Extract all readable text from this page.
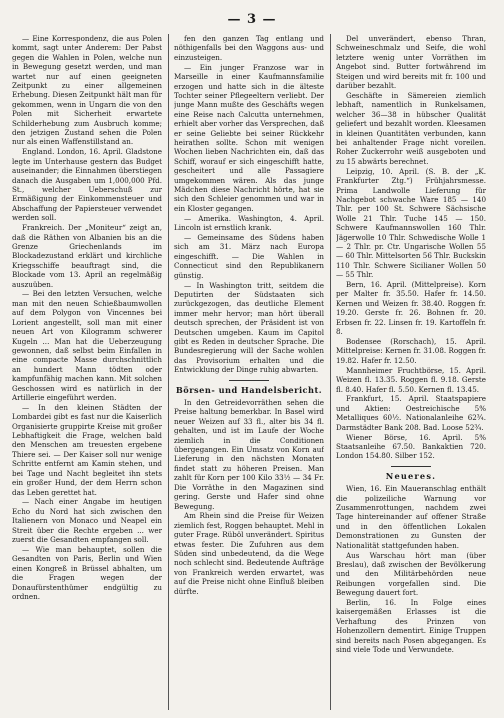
— 3 —

— Eine Korrespondenz, die aus Polen kommt, sagt unter Anderem: Der Pabst gegen die Wahlen in Polen, welche nun in Bewegung gesetzt werden, und man wartet nur auf einen geeigneten Zeitpunkt zu einer allgemeinen Erhebung. Diesen Zeitpunkt hält man für gekommen, wenn in Ungarn die von den Polen mit Sicherheit erwartete Schilderhebung zum Ausbruch komme; den jetzigen Zustand sehen die Polen nur als einen Waffenstillstand an.

England. London, 16. April. Gladstone legte im Unterhause gestern das Budget auseinander; die Einnahmen überstiegen danach die Ausgaben um 1,000,000 Pfd. St., welcher Ueberschuß zur Ermäßigung der Einkommensteuer und Abschaffung der Papiersteuer verwendet werden soll.

Frankreich. Der „Moniteur“ zeigt an, daß die Räthen von Albanien bis an die Grenze Griechenlands im Blockadezustand erklärt und kirchliche Kriegsschiffe beauftragt sind, die Blockade vom 13. April an regelmäßig auszuüben.

— Bei den letzten Versuchen, welche man mit den neuen Schießbaumwollen auf dem Polygon von Vincennes bei Lorient angestellt, soll man mit einer neuen Art von Kilogramm schwerer Kugeln ... Man hat die Ueberzeugung gewonnen, daß selbst beim Einfallen in eine compacte Masse durchschnittlich an hundert Mann tödten oder kampfunfähig machen kann. Mit solchen Geschossen wird es natürlich in der Artillerie eingeführt werden.

— In den kleinen Städten der Lombardei gibt es fast nur die Kaiserlich Organisierte gruppirte Kreise mit großer Lebhaftigkeit die Frage, welchen bald den Menschen am treuesten ergebene Thiere sei. — Der Kaiser soll nur wenige Schritte entfernt am Kamin stehen, und bei Tage und Nacht begleitet ihn stets ein großer Hund, der dem Herrn schon das Leben gerettet hat.

— Nach einer Angabe im heutigen Echo du Nord hat sich zwischen den Italienern von Monaco und Neapel ein Streit über die Rechte ergeben ... wer zuerst die Gesandten empfangen soll.

— Wie man behauptet, sollen die Gesandten von Paris, Berlin und Wien einen Kongreß in Brüssel abhalten, um die Fragen wegen der Donaufürstenthümer endgültig zu ordnen.

fen den ganzen Tag entlang und nöthigenfalls bei den Waggons aus- und einzusteigen.

— Ein junger Franzose war in Marseille in einer Kaufmannsfamilie erzogen und hatte sich in die älteste Tochter seiner Pflegeeltern verliebt. Der junge Mann mußte des Geschäfts wegen eine Reise nach Calcutta unternehmen, erhielt aber vorher das Versprechen, daß er seine Geliebte bei seiner Rückkehr heirathen sollte. Schon mit wenigen Wochen lieben Nachrichten ein, daß das Schiff, worauf er sich eingeschifft hatte, gescheitert und alle Passagiere umgekommen wären. Als das junge Mädchen diese Nachricht hörte, hat sie sich den Schleier genommen und war in ein Kloster gegangen.

— Amerika. Washington, 4. April. Lincoln ist ernstlich krank.

— Gemeinsame des Südens haben sich am 31. März nach Europa eingeschifft. — Die Wahlen in Connecticut sind den Republikanern günstig.

— In Washington tritt, seitdem die Deputirten der Südstaaten sich zurückgezogen, das deutliche Element immer mehr hervor; man hört überall deutsch sprechen, der Präsident ist von Deutschen umgeben. Kaum im Capitol gibt es Reden in deutscher Sprache. Die Bundesregierung will der Sache wohlen das Provisorium erhalten und die Entwicklung der Dinge ruhig abwarten.

Börsen- und Handelsbericht.

In den Getreidevorräthen sehen die Preise haltung bemerkbar. In Basel wird neuer Weizen auf 33 fl., alter bis 34 fl. gehalten, und ist im Laufe der Woche ziemlich in die Conditionen übergegangen. Ein Umsatz von Korn auf Lieferung in den nächsten Monaten findet statt zu höheren Preisen. Man zahlt für Korn per 100 Kilo 33½ — 34 Fr. Die Vorräthe in den Magazinen sind gering. Gerste und Hafer sind ohne Bewegung.

Am Rhein sind die Preise für Weizen ziemlich fest, Roggen behauptet. Mehl in guter Frage. Rüböl unverändert. Spiritus etwas fester. Die Zufuhren aus dem Süden sind unbedeutend, da die Wege noch schlecht sind. Bedeutende Aufträge von Frankreich werden erwartet, was auf die Preise nicht ohne Einfluß bleiben dürfte.

Del unverändert, ebenso Thran, Schweineschmalz und Seife, die wohl letztere wenig unter Vorräthen im Angebot sind. Butter fortwährend im Steigen und wird bereits mit fr. 100 und darüber bezahlt.

Geschäfte in Sämereien ziemlich lebhaft, namentlich in Runkelsamen, welcher 36—38 in hübscher Qualität geliefert und bezahlt worden. Kleesamen in kleinen Quantitäten verbunden, kann bei anhaltender Frage nicht voreilen. Roher Zuckerrohr weiß ausgeboten und zu 15 abwärts berechnet.

Leipzig, 10. April. (S. B. der „K. Frankfurter Ztg.“) Frühjahrsmesse. Prima Landwolle Lieferung für Nachgebot schwache Ware 185 — 140 Thlr. per 100 St. Schwere Sächsische Wolle 21 Thlr. Tuche 145 — 150. Schwere Kaufmannswollen 160 Thlr. Jägerwolle 10 Thlr. Schwedische Wolle 1 — 2 Thlr. pr. Ctr. Ungarische Wollen 55 — 60 Thlr. Mittelsorten 56 Thlr. Buckskin 110 Thlr. Schwere Sicilianer Wollen 50 — 55 Thlr.

Bern, 16. April. (Mittelpreise). Korn per Malter fr. 35.50. Hafer fr. 14.50. Kernen und Weizen fr. 38.40. Roggen fr. 19.20. Gerste fr. 26. Bohnen fr. 20. Erbsen fr. 22. Linsen fr. 19. Kartoffeln fr. 8.

Bodensee (Rorschach), 15. April. Mittelpreise: Kernen fr. 31.08. Roggen fr. 19.82. Hafer fr. 12.50.

Mannheimer Fruchtbörse, 15. April. Weizen fl. 13.35. Roggen fl. 9.18. Gerste fl. 8.40. Hafer fl. 5.50. Kernen fl. 13.45.

Frankfurt, 15. April. Staatspapiere und Aktien: Oestreichische 5% Metalliques 60½. Nationalanleihe 62¾. Darmstädter Bank 208. Bad. Loose 52¾.

Wiener Börse, 16. April. 5% Staatsanleihe 67.50. Bankaktien 720. London 154.80. Silber 152.

Neueres.

Wien, 16. Ein Maueranschlag enthält die polizeiliche Warnung vor Zusammenrottungen, nachdem zwei Tage hintereinander auf offener Straße und in den öffentlichen Lokalen Demonstrationen zu Gunsten der Nationalität stattgefunden haben.

Aus Warschau hört man (über Breslau), daß zwischen der Bevölkerung und den Militärbehörden neue Reibungen vorgefallen sind. Die Bewegung dauert fort.

Berlin, 16. In Folge eines kaisergemäßen Erlasses ist die Verhaftung des Prinzen von Hohenzollern dementirt. Einige Truppen sind bereits nach Posen abgegangen. Es sind viele Tode und Verwundete.
